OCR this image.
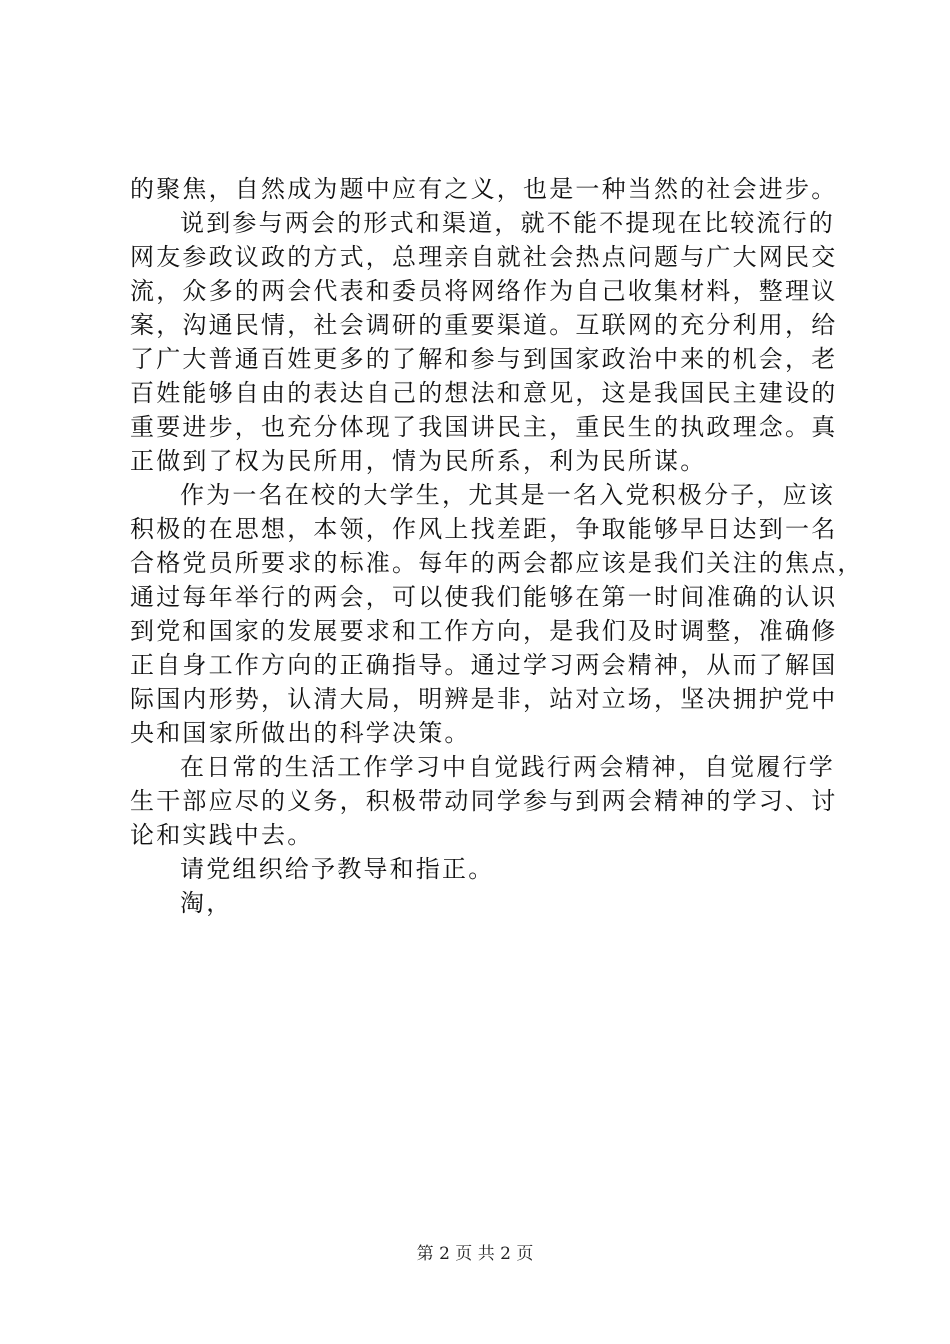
的聚焦，自然成为题中应有之义，也是一种当然的社会进步。
说到参与两会的形式和渠道，就不能不提现在比较流行的
网友参政议政的方式，总理亲自就社会热点问题与广大网民交
流，众多的两会代表和委员将网络作为自己收集材料，整理议
案，沟通民情，社会调研的重要渠道。互联网的充分利用，给
了广大普通百姓更多的了解和参与到国家政治中来的机会，老
百姓能够自由的表达自己的想法和意见，这是我国民主建设的
重要进步，也充分体现了我国讲民主，重民生的执政理念。真
正做到了权为民所用，情为民所系，利为民所谋。
作为一名在校的大学生，尤其是一名入党积极分子，应该
积极的在思想，本领，作风上找差距，争取能够早日达到一名
合格党员所要求的标准。每年的两会都应该是我们关注的焦点，
通过每年举行的两会，可以使我们能够在第一时间准确的认识
到党和国家的发展要求和工作方向，是我们及时调整，准确修
正自身工作方向的正确指导。通过学习两会精神，从而了解国
际国内形势，认清大局，明辨是非，站对立场，坚决拥护党中
央和国家所做出的科学决策。
在日常的生活工作学习中自觉践行两会精神，自觉履行学
生干部应尽的义务，积极带动同学参与到两会精神的学习、讨
论和实践中去。
请党组织给予教导和指正。
淘，
第 2 页 共 2 页
